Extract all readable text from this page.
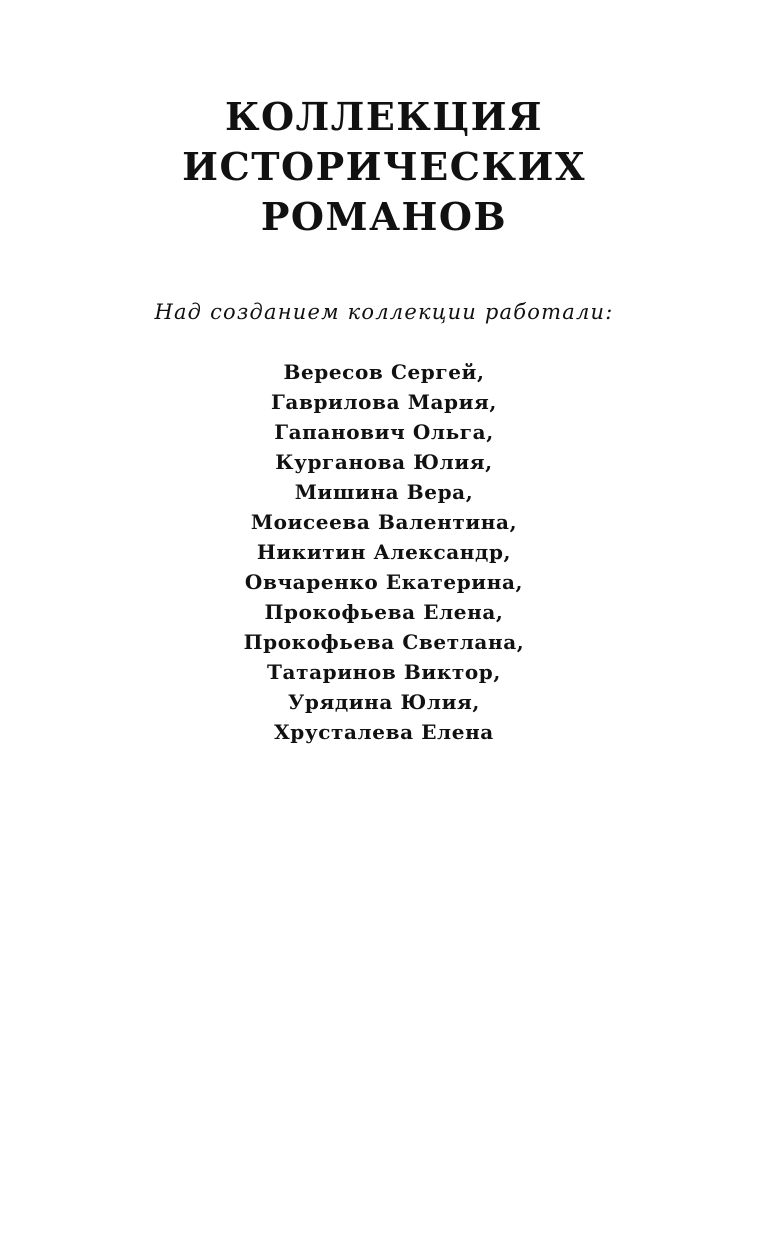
КОЛЛЕКЦИЯ
ИСТОРИЧЕСКИХ
РОМАНОВ

Над созданием коллекции работали:

Вересов Сергей,
Гаврилова Мария,
Гапанович Ольга,
Курганова Юлия,
Мишина Вера,
Моисеева Валентина,
Никитин Александр,
Овчаренко Екатерина,
Прокофьева Елена,
Прокофьева Светлана,
Татаринов Виктор,
Урядина Юлия,
Хрусталева Елена
